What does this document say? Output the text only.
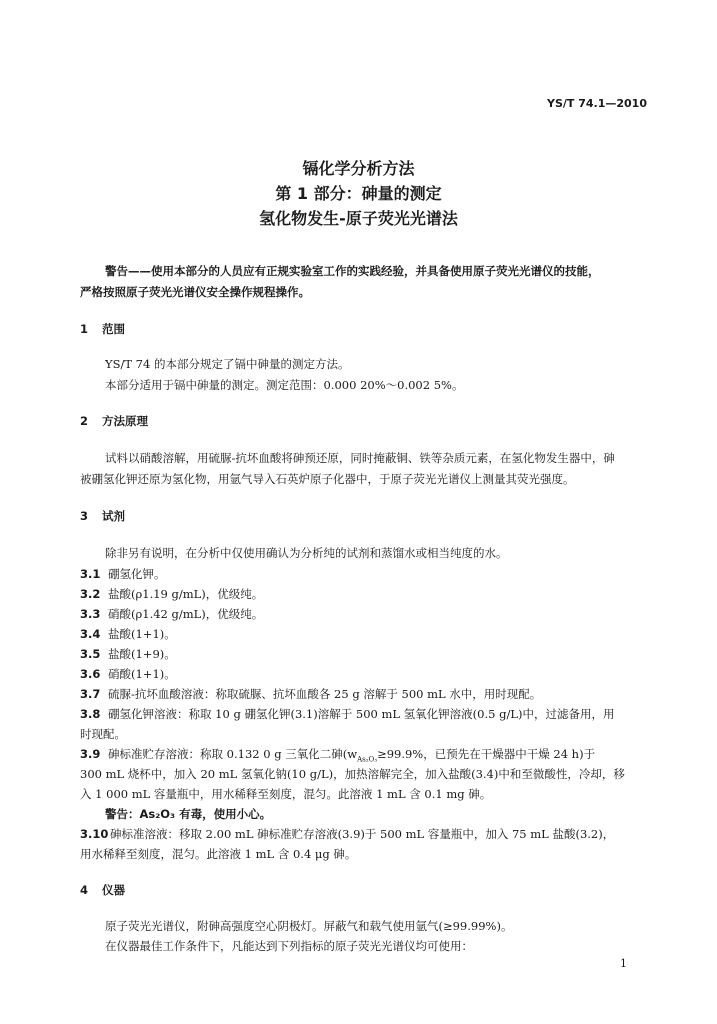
YS/T 74.1—2010
镉化学分析方法
第 1 部分：砷量的测定
氢化物发生-原子荧光光谱法
警告——使用本部分的人员应有正规实验室工作的实践经验，并具备使用原子荧光光谱仪的技能，
严格按照原子荧光光谱仪安全操作规程操作。
1 范围
YS/T 74 的本部分规定了镉中砷量的测定方法。
本部分适用于镉中砷量的测定。测定范围：0.000 20%～0.002 5%。
2 方法原理
试料以硝酸溶解，用硫脲-抗坏血酸将砷预还原，同时掩蔽铜、铁等杂质元素，在氢化物发生器中，砷
被硼氢化钾还原为氢化物，用氩气导入石英炉原子化器中，于原子荧光光谱仪上测量其荧光强度。
3 试剂
除非另有说明，在分析中仅使用确认为分析纯的试剂和蒸馏水或相当纯度的水。
3.1 硼氢化钾。
3.2 盐酸(ρ1.19 g/mL)，优级纯。
3.3 硝酸(ρ1.42 g/mL)，优级纯。
3.4 盐酸(1+1)。
3.5 盐酸(1+9)。
3.6 硝酸(1+1)。
3.7 硫脲-抗坏血酸溶液：称取硫脲、抗坏血酸各 25 g 溶解于 500 mL 水中，用时现配。
3.8 硼氢化钾溶液：称取 10 g 硼氢化钾(3.1)溶解于 500 mL 氢氧化钾溶液(0.5 g/L)中，过滤备用，用
时现配。
3.9 砷标准贮存溶液：称取 0.132 0 g 三氧化二砷($w_{As_2O_3}\ge 99.9\%$，已预先在干燥器中干燥 24 h)于
300 mL 烧杯中，加入 20 mL 氢氧化钠(10 g/L)，加热溶解完全，加入盐酸(3.4)中和至微酸性，冷却，移
入 1 000 mL 容量瓶中，用水稀释至刻度，混匀。此溶液 1 mL 含 0.1 mg 砷。
警告：As₂O₃ 有毒，使用小心。
3.10 砷标准溶液：移取 2.00 mL 砷标准贮存溶液(3.9)于 500 mL 容量瓶中，加入 75 mL 盐酸(3.2)，
用水稀释至刻度，混匀。此溶液 1 mL 含 0.4 μg 砷。
4 仪器
原子荧光光谱仪，附砷高强度空心阴极灯。屏蔽气和载气使用氩气(≥99.99%)。
在仪器最佳工作条件下，凡能达到下列指标的原子荧光光谱仪均可使用：
1
